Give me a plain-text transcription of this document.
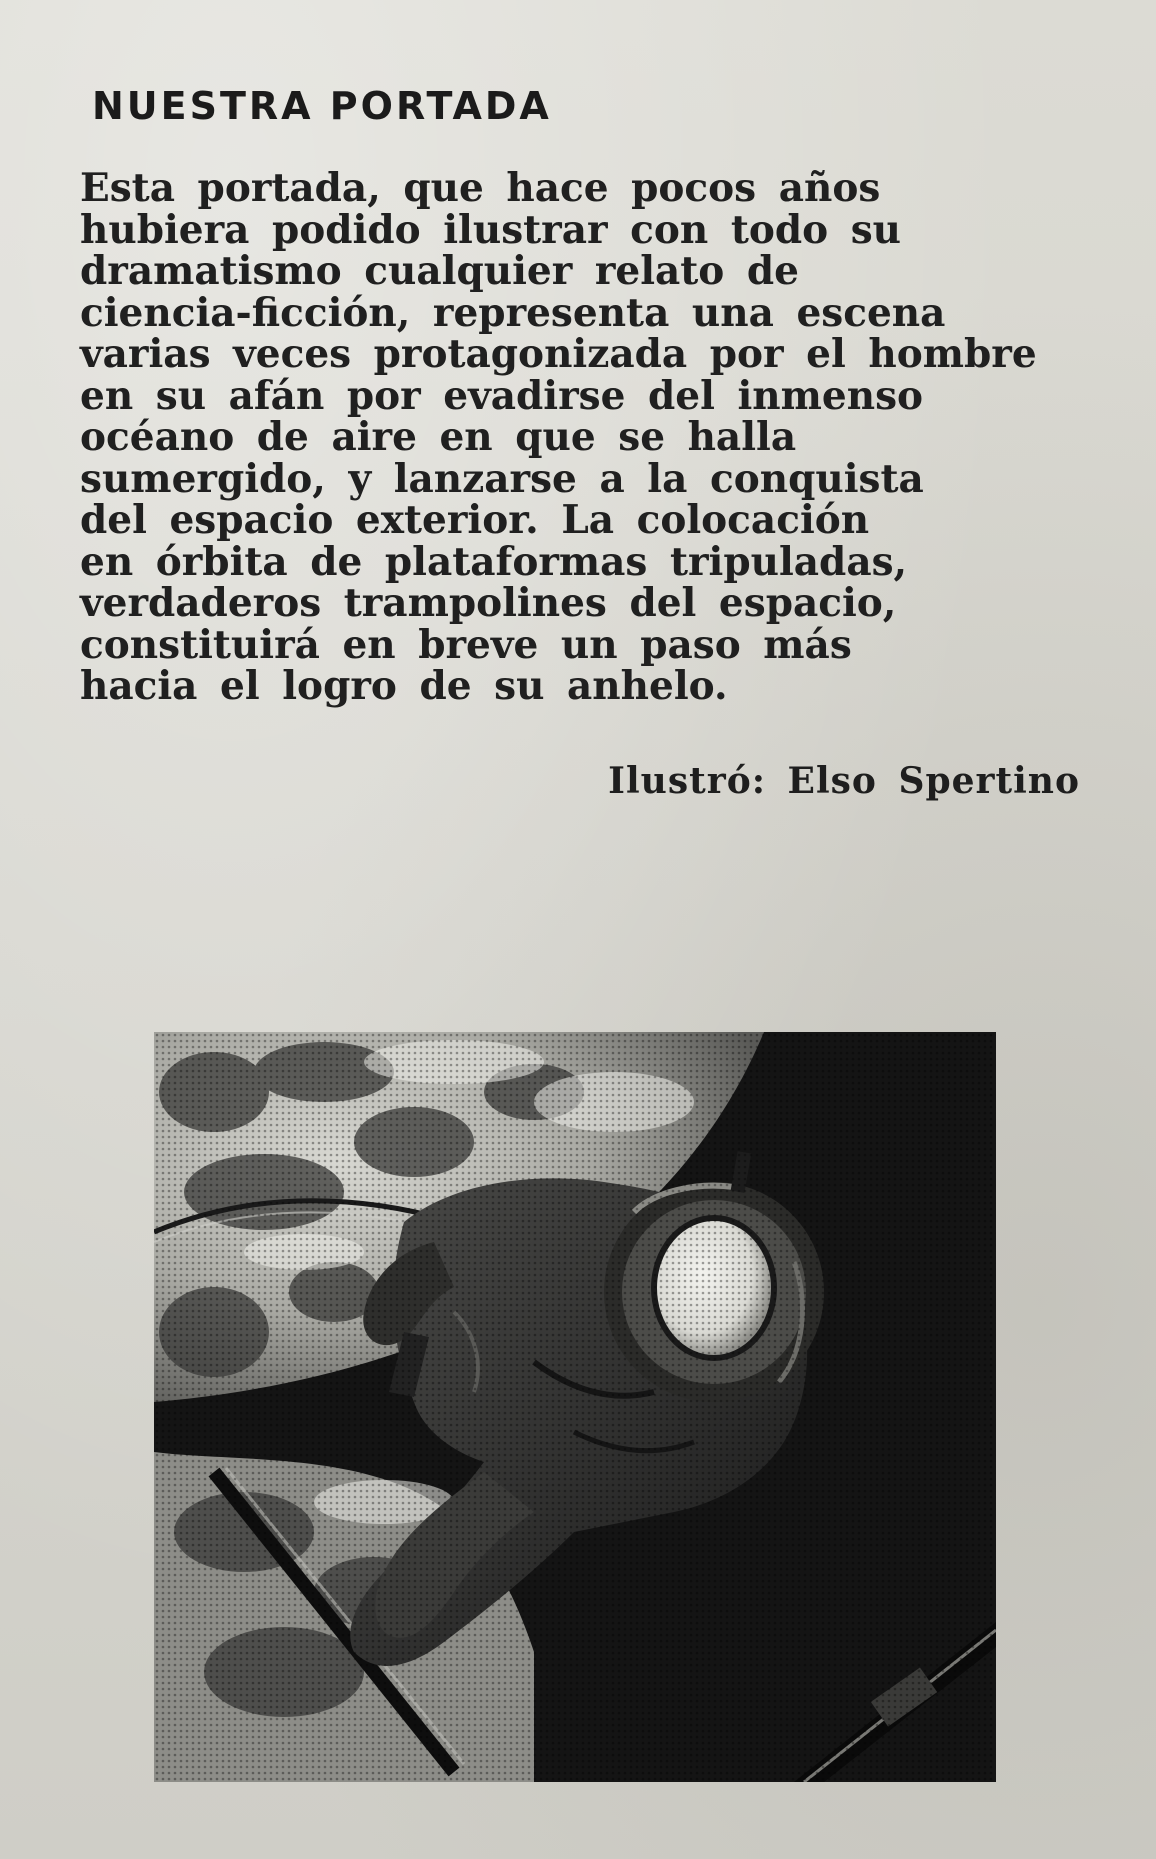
NUESTRA PORTADA
Esta portada, que hace pocos años
hubiera podido ilustrar con todo su
dramatismo cualquier relato de
ciencia-ficción, representa una escena
varias veces protagonizada por el hombre
en su afán por evadirse del inmenso
océano de aire en que se halla
sumergido, y lanzarse a la conquista
del espacio exterior. La colocación
en órbita de plataformas tripuladas,
verdaderos trampolines del espacio,
constituirá en breve un paso más
hacia el logro de su anhelo.
Ilustró: Elso Spertino
